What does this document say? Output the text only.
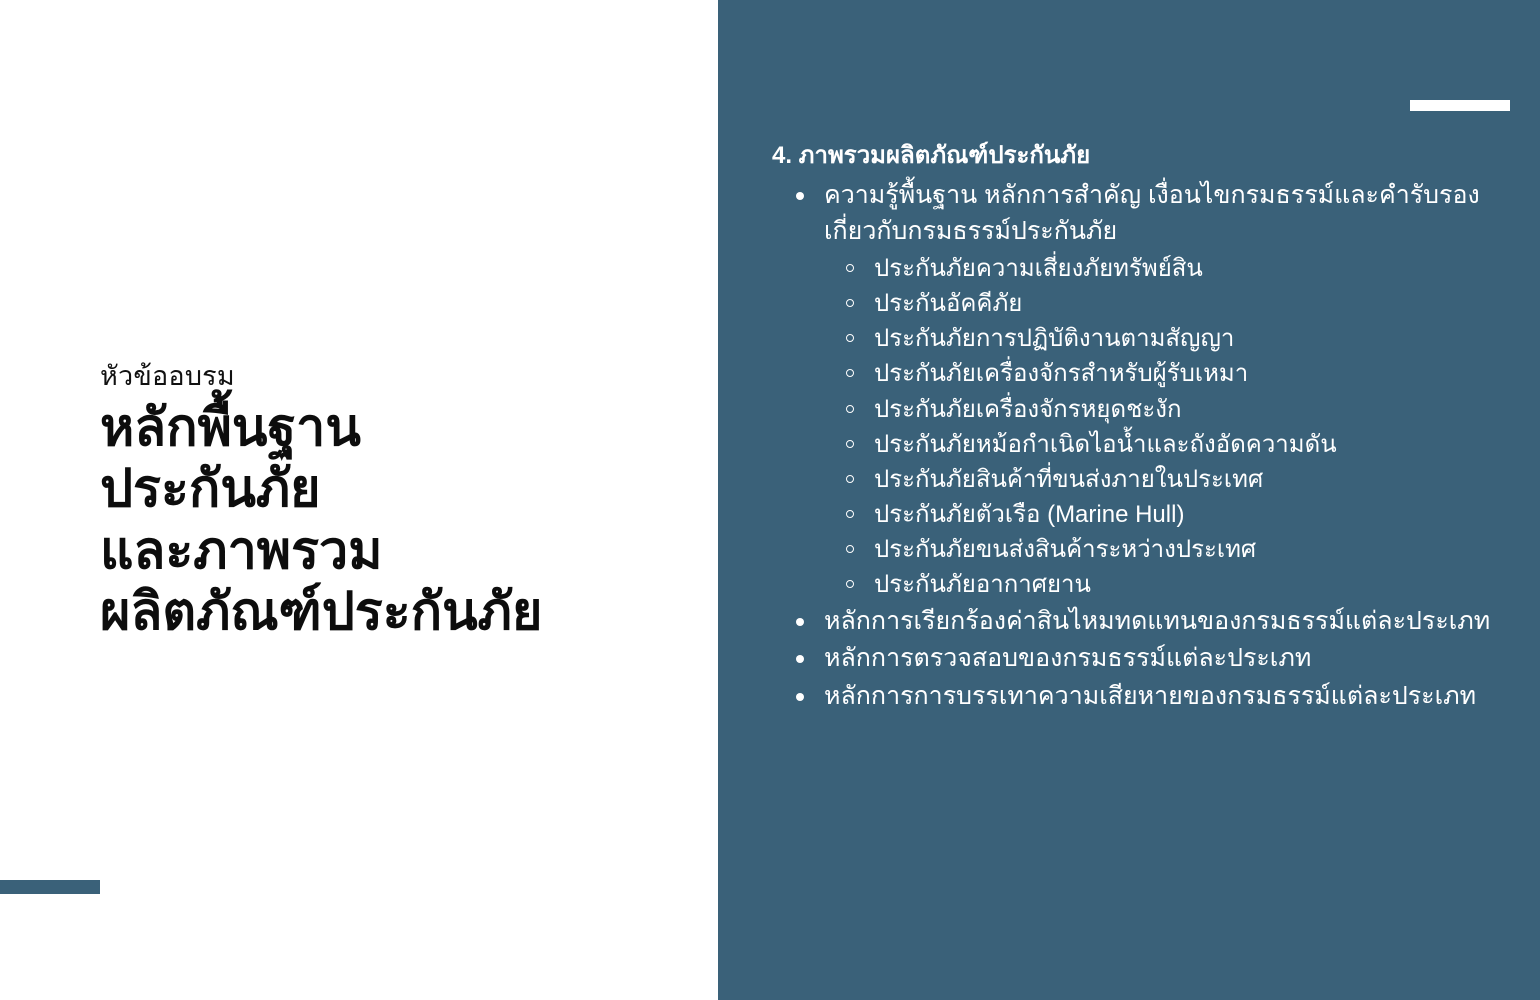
หัวข้ออบรม
หลักพื้นฐาน
ประกันภัย
และภาพรวม
ผลิตภัณฑ์ประกันภัย
4. ภาพรวมผลิตภัณฑ์ประกันภัย
ความรู้พื้นฐาน หลักการสำคัญ เงื่อนไขกรมธรรม์และคำรับรองเกี่ยวกับกรมธรรม์ประกันภัย
ประกันภัยความเสี่ยงภัยทรัพย์สิน
ประกันอัคคีภัย
ประกันภัยการปฏิบัติงานตามสัญญา
ประกันภัยเครื่องจักรสำหรับผู้รับเหมา
ประกันภัยเครื่องจักรหยุดชะงัก
ประกันภัยหม้อกำเนิดไอน้ำและถังอัดความดัน
ประกันภัยสินค้าที่ขนส่งภายในประเทศ
ประกันภัยตัวเรือ (Marine Hull)
ประกันภัยขนส่งสินค้าระหว่างประเทศ
ประกันภัยอากาศยาน
หลักการเรียกร้องค่าสินไหมทดแทนของกรมธรรม์แต่ละประเภท
หลักการตรวจสอบของกรมธรรม์แต่ละประเภท
หลักการการบรรเทาความเสียหายของกรมธรรม์แต่ละประเภท
